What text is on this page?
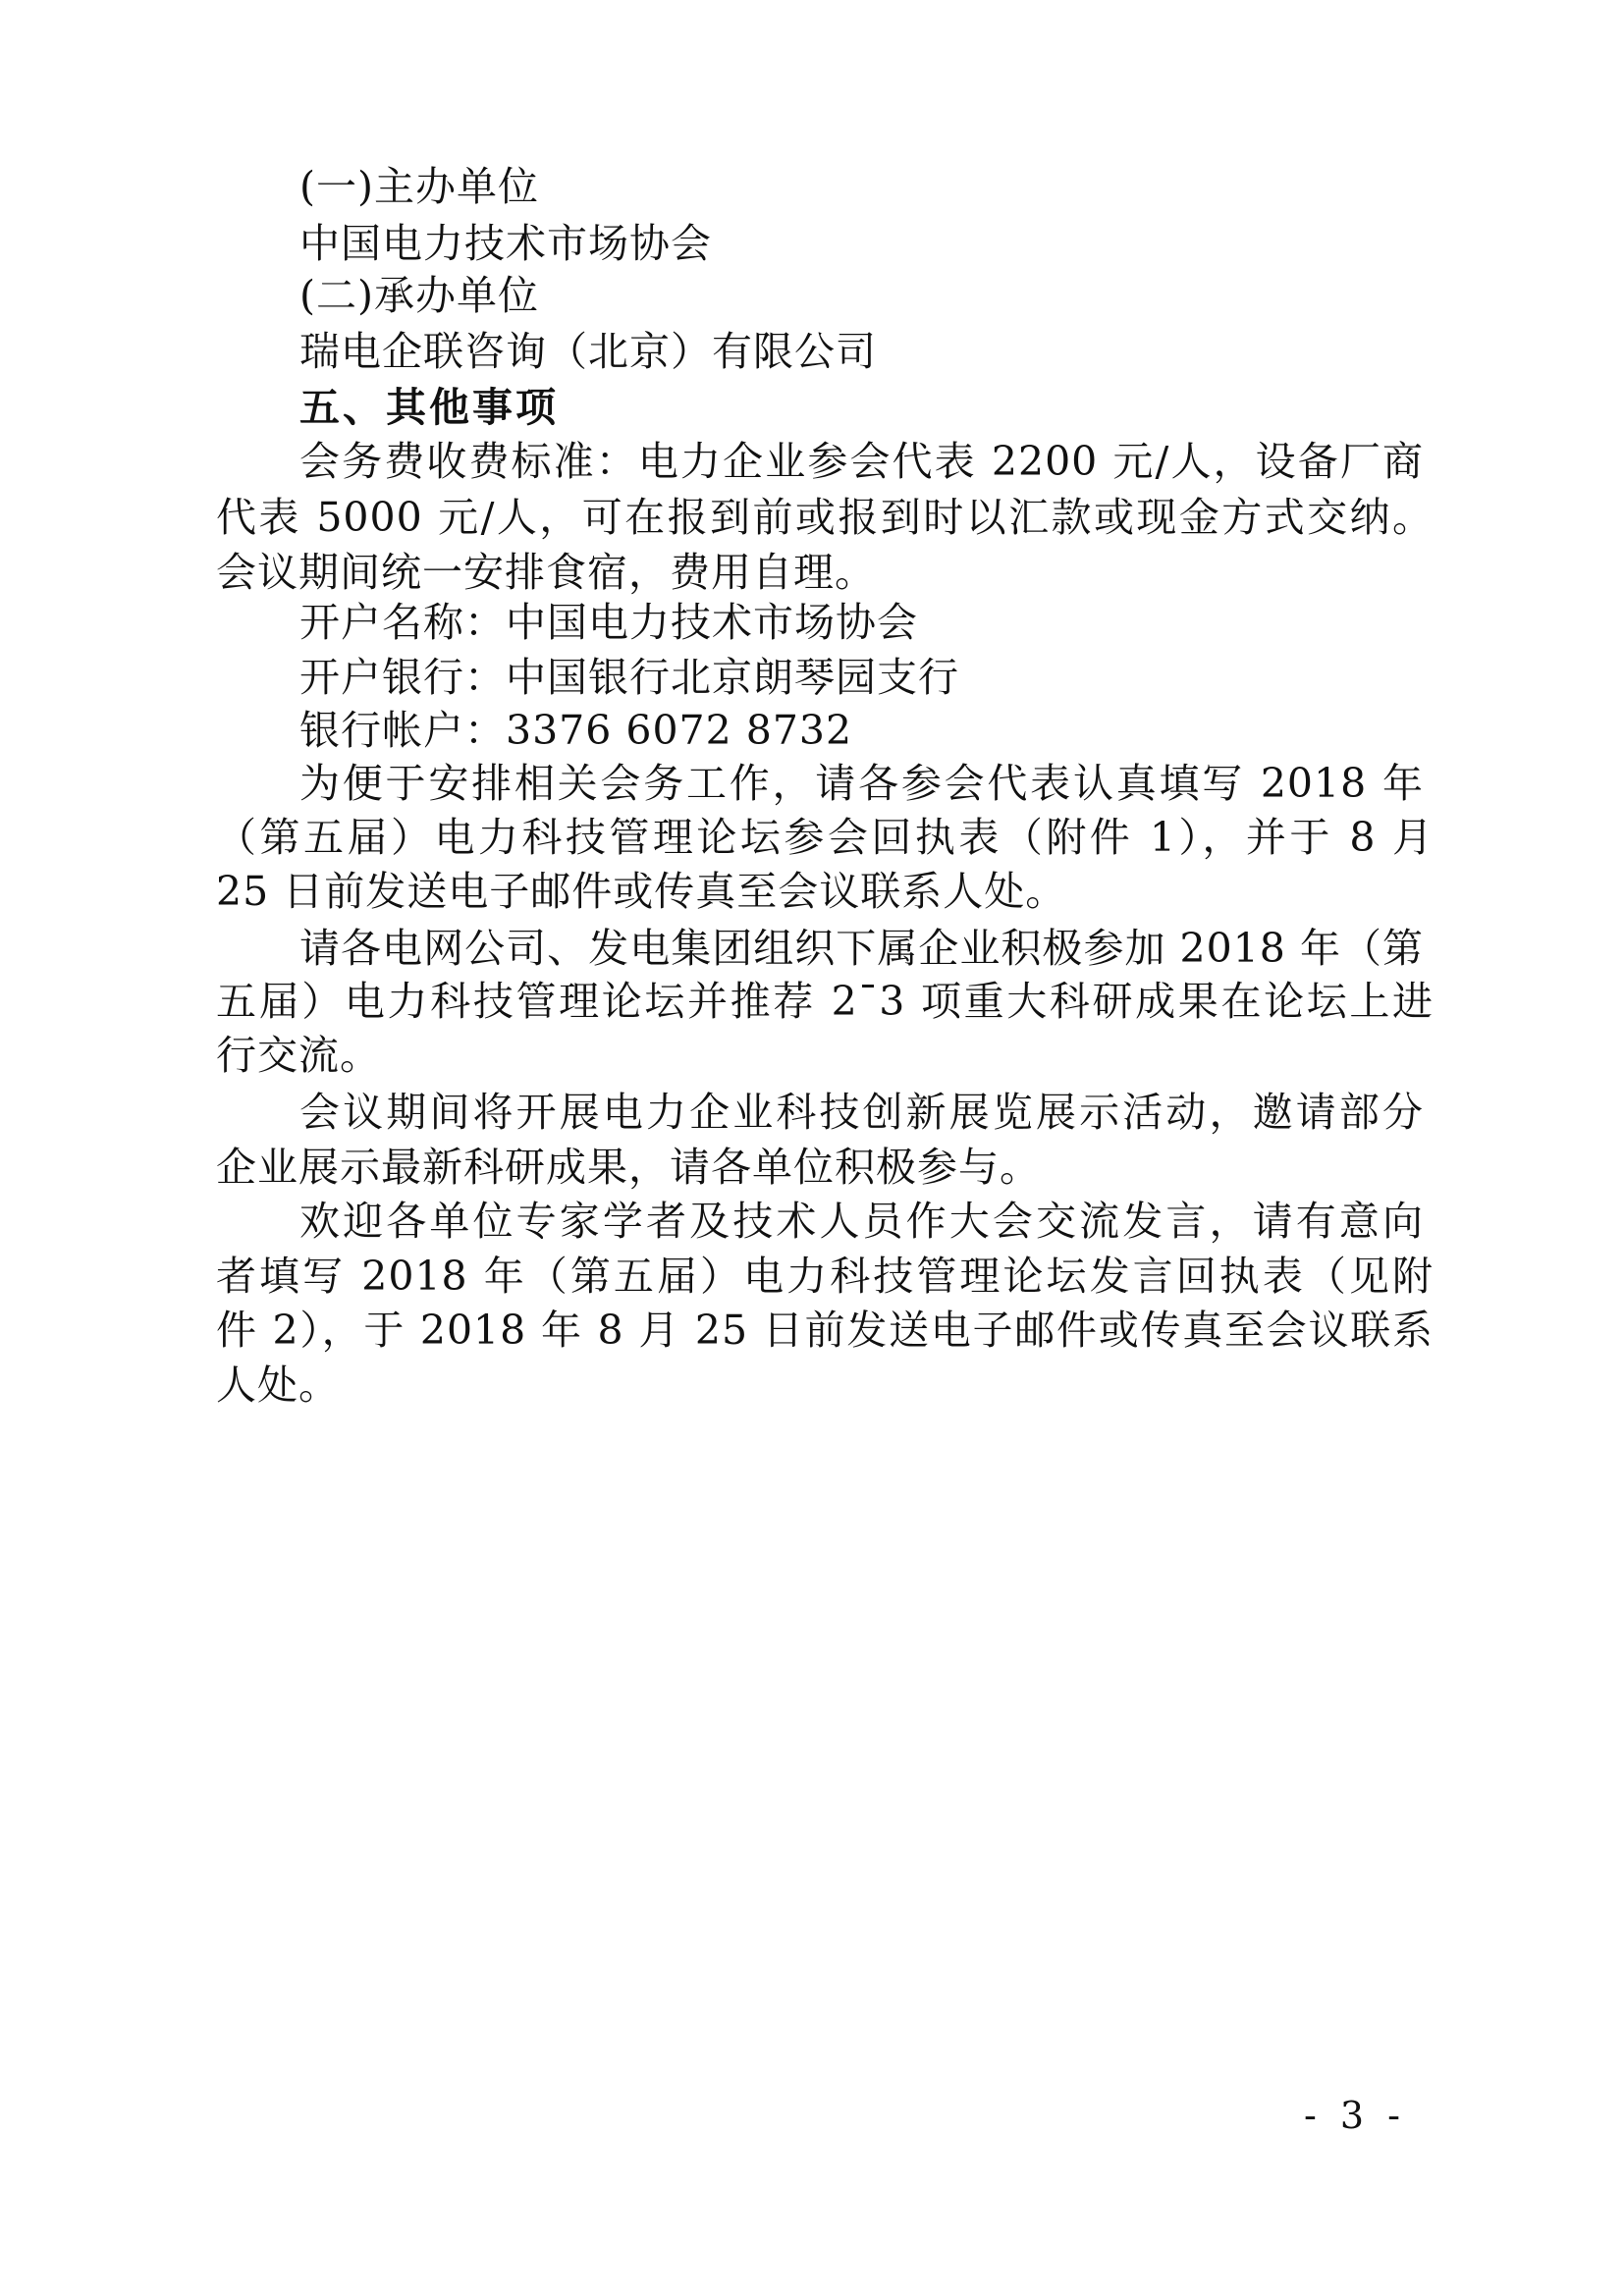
(一)主办单位
中国电力技术市场协会
(二)承办单位
瑞电企联咨询（北京）有限公司
五、其他事项
会务费收费标准：电力企业参会代表 2200 元/人，设备厂商
代表 5000 元/人，可在报到前或报到时以汇款或现金方式交纳。
会议期间统一安排食宿，费用自理。
开户名称：中国电力技术市场协会
开户银行：中国银行北京朗琴园支行
银行帐户：3376 6072 8732
为便于安排相关会务工作，请各参会代表认真填写 2018 年
（第五届）电力科技管理论坛参会回执表（附件 1），并于 8 月
25 日前发送电子邮件或传真至会议联系人处。
请各电网公司、发电集团组织下属企业积极参加 2018 年（第
五届）电力科技管理论坛并推荐 2¯3 项重大科研成果在论坛上进
行交流。
会议期间将开展电力企业科技创新展览展示活动，邀请部分
企业展示最新科研成果，请各单位积极参与。
欢迎各单位专家学者及技术人员作大会交流发言，请有意向
者填写 2018 年（第五届）电力科技管理论坛发言回执表（见附
件 2），于 2018 年 8 月 25 日前发送电子邮件或传真至会议联系
人处。
- 3 -
